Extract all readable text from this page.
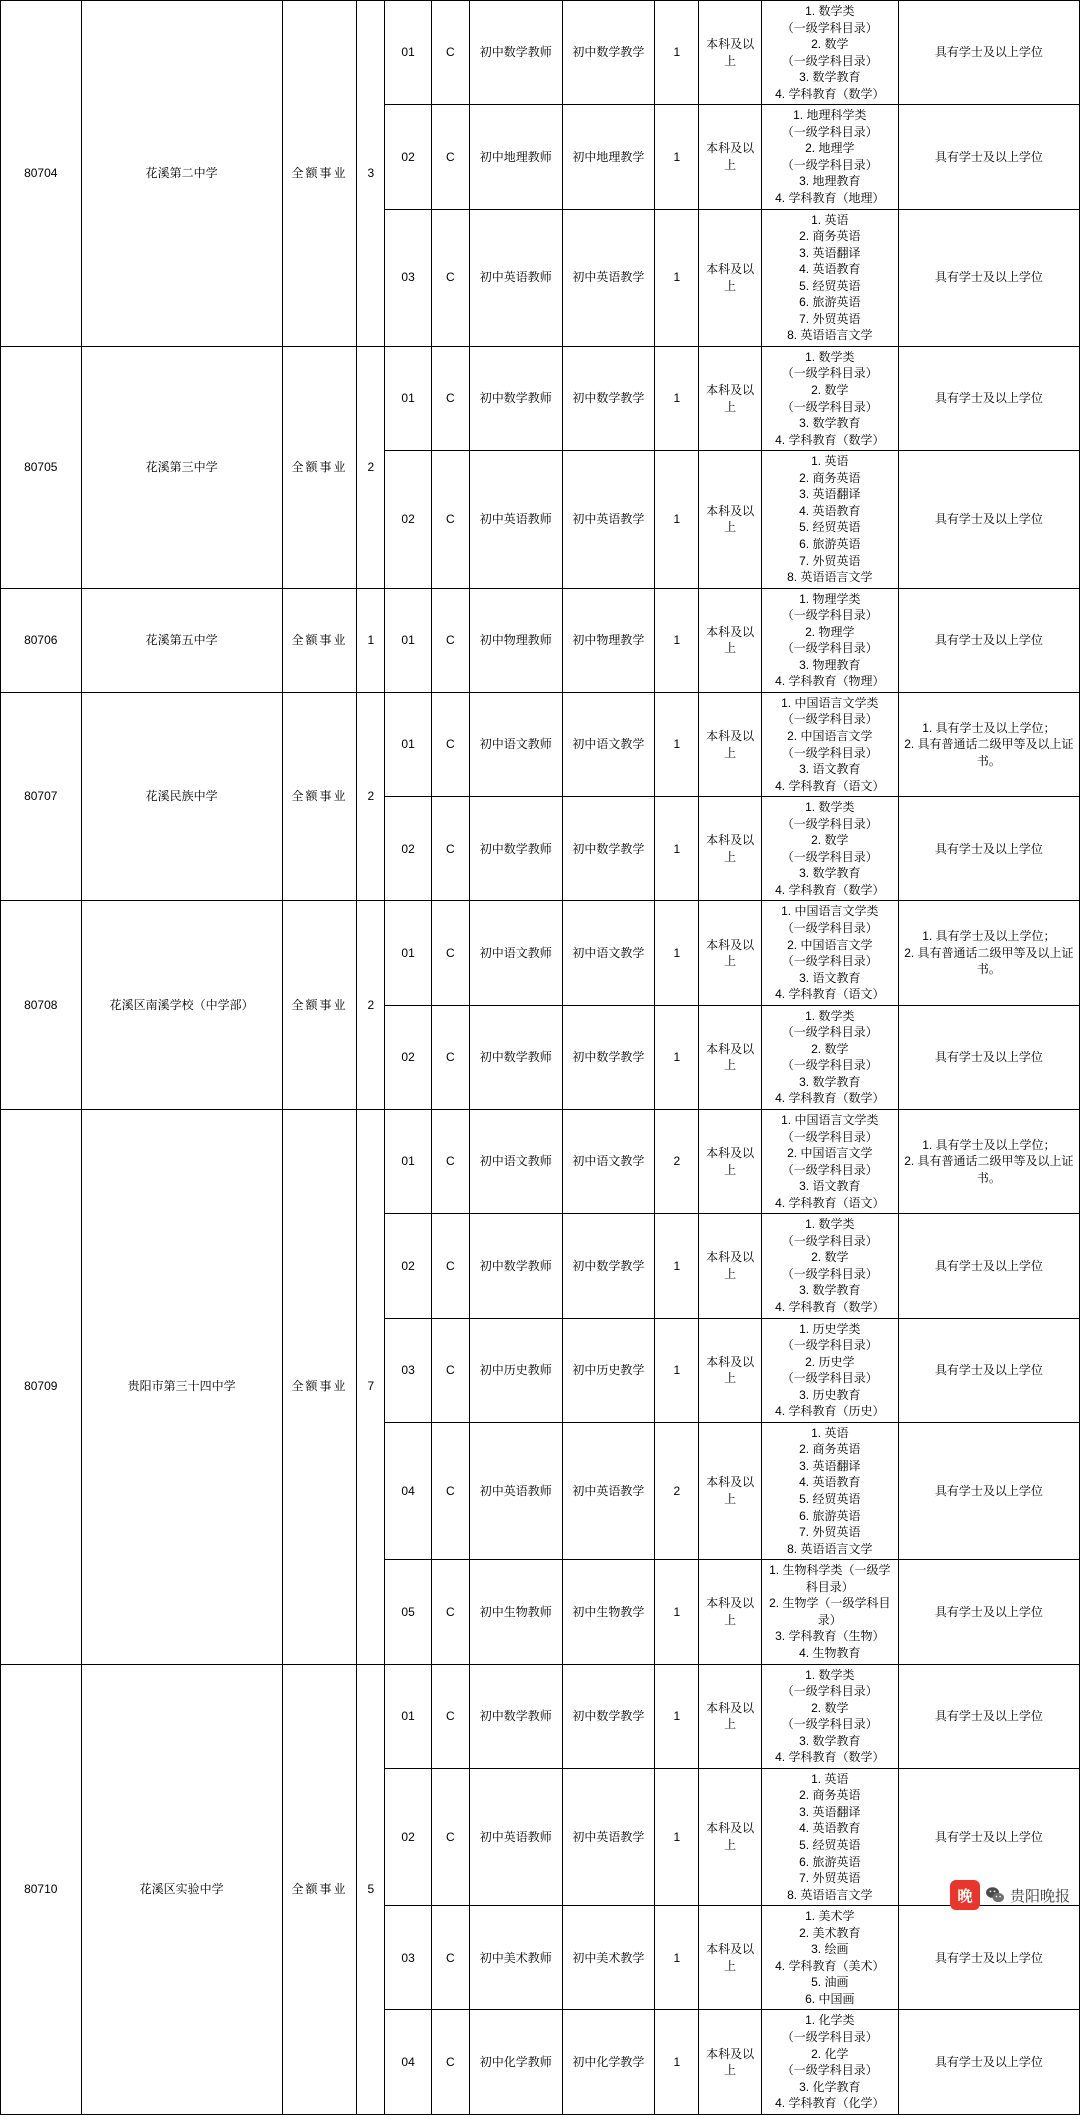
80704	花溪第二中学	全额事业	3	01	C	初中数学教师	初中数学教学	1	本科及以上	
1. 数学类
（一级学科目录）
2. 数学
（一级学科目录）
3. 数学教育
4. 学科教育（数学）
	具有学士及以上学位
02	C	初中地理教师	初中地理教学	1	本科及以上	
1. 地理科学类
（一级学科目录）
2. 地理学
（一级学科目录）
3. 地理教育
4. 学科教育（地理）
	具有学士及以上学位
03	C	初中英语教师	初中英语教学	1	本科及以上	
1. 英语
2. 商务英语
3. 英语翻译
4. 英语教育
5. 经贸英语
6. 旅游英语
7. 外贸英语
8. 英语语言文学
	具有学士及以上学位
80705	花溪第三中学	全额事业	2	01	C	初中数学教师	初中数学教学	1	本科及以上	
1. 数学类
（一级学科目录）
2. 数学
（一级学科目录）
3. 数学教育
4. 学科教育（数学）
	具有学士及以上学位
02	C	初中英语教师	初中英语教学	1	本科及以上	
1. 英语
2. 商务英语
3. 英语翻译
4. 英语教育
5. 经贸英语
6. 旅游英语
7. 外贸英语
8. 英语语言文学
	具有学士及以上学位
80706	花溪第五中学	全额事业	1	01	C	初中物理教师	初中物理教学	1	本科及以上	
1. 物理学类
（一级学科目录）
2. 物理学
（一级学科目录）
3. 物理教育
4. 学科教育（物理）
	具有学士及以上学位
80707	花溪民族中学	全额事业	2	01	C	初中语文教师	初中语文教学	1	本科及以上	
1. 中国语言文学类
（一级学科目录）
2. 中国语言文学
（一级学科目录）
3. 语文教育
4. 学科教育（语文）

1. 具有学士及以上学位；
2. 具有普通话二级甲等及以上证书。

02	C	初中数学教师	初中数学教学	1	本科及以上	
1. 数学类
（一级学科目录）
2. 数学
（一级学科目录）
3. 数学教育
4. 学科教育（数学）
	具有学士及以上学位
80708	花溪区南溪学校（中学部）	全额事业	2	01	C	初中语文教师	初中语文教学	1	本科及以上	
1. 中国语言文学类
（一级学科目录）
2. 中国语言文学
（一级学科目录）
3. 语文教育
4. 学科教育（语文）

1. 具有学士及以上学位；
2. 具有普通话二级甲等及以上证书。

02	C	初中数学教师	初中数学教学	1	本科及以上	
1. 数学类
（一级学科目录）
2. 数学
（一级学科目录）
3. 数学教育
4. 学科教育（数学）
	具有学士及以上学位
80709	贵阳市第三十四中学	全额事业	7	01	C	初中语文教师	初中语文教学	2	本科及以上	
1. 中国语言文学类
（一级学科目录）
2. 中国语言文学
（一级学科目录）
3. 语文教育
4. 学科教育（语文）

1. 具有学士及以上学位；
2. 具有普通话二级甲等及以上证书。

02	C	初中数学教师	初中数学教学	1	本科及以上	
1. 数学类
（一级学科目录）
2. 数学
（一级学科目录）
3. 数学教育
4. 学科教育（数学）
	具有学士及以上学位
03	C	初中历史教师	初中历史教学	1	本科及以上	
1. 历史学类
（一级学科目录）
2. 历史学
（一级学科目录）
3. 历史教育
4. 学科教育（历史）
	具有学士及以上学位
04	C	初中英语教师	初中英语教学	2	本科及以上	
1. 英语
2. 商务英语
3. 英语翻译
4. 英语教育
5. 经贸英语
6. 旅游英语
7. 外贸英语
8. 英语语言文学
	具有学士及以上学位
				05	C	初中生物教师	初中生物教学	1	本科及以上	1. 生物科学类（一级学科目录）
2. 生物学（一级学科目录）
3. 学科教育（生物）
4. 生物教育	具有学士及以上学位
80710	花溪区实验中学	全额事业	5	01	C	初中数学教师	初中数学教学	1	本科及以上	
1. 数学类
（一级学科目录）
2. 数学
（一级学科目录）
3. 数学教育
4. 学科教育（数学）
	具有学士及以上学位
02	C	初中英语教师	初中英语教学	1	本科及以上	
1. 英语
2. 商务英语
3. 英语翻译
4. 英语教育
5. 经贸英语
6. 旅游英语
7. 外贸英语
8. 英语语言文学
	具有学士及以上学位
03	C	初中美术教师	初中美术教学	1	本科及以上	
1. 美术学
2. 美术教育
3. 绘画
4. 学科教育（美术）
5. 油画
6. 中国画
	具有学士及以上学位
04	C	初中化学教师	初中化学教学	1	本科及以上	
1. 化学类
（一级学科目录）
2. 化学
（一级学科目录）
3. 化学教育
4. 学科教育（化学）
	具有学士及以上学位
晚	贵阳晚报
